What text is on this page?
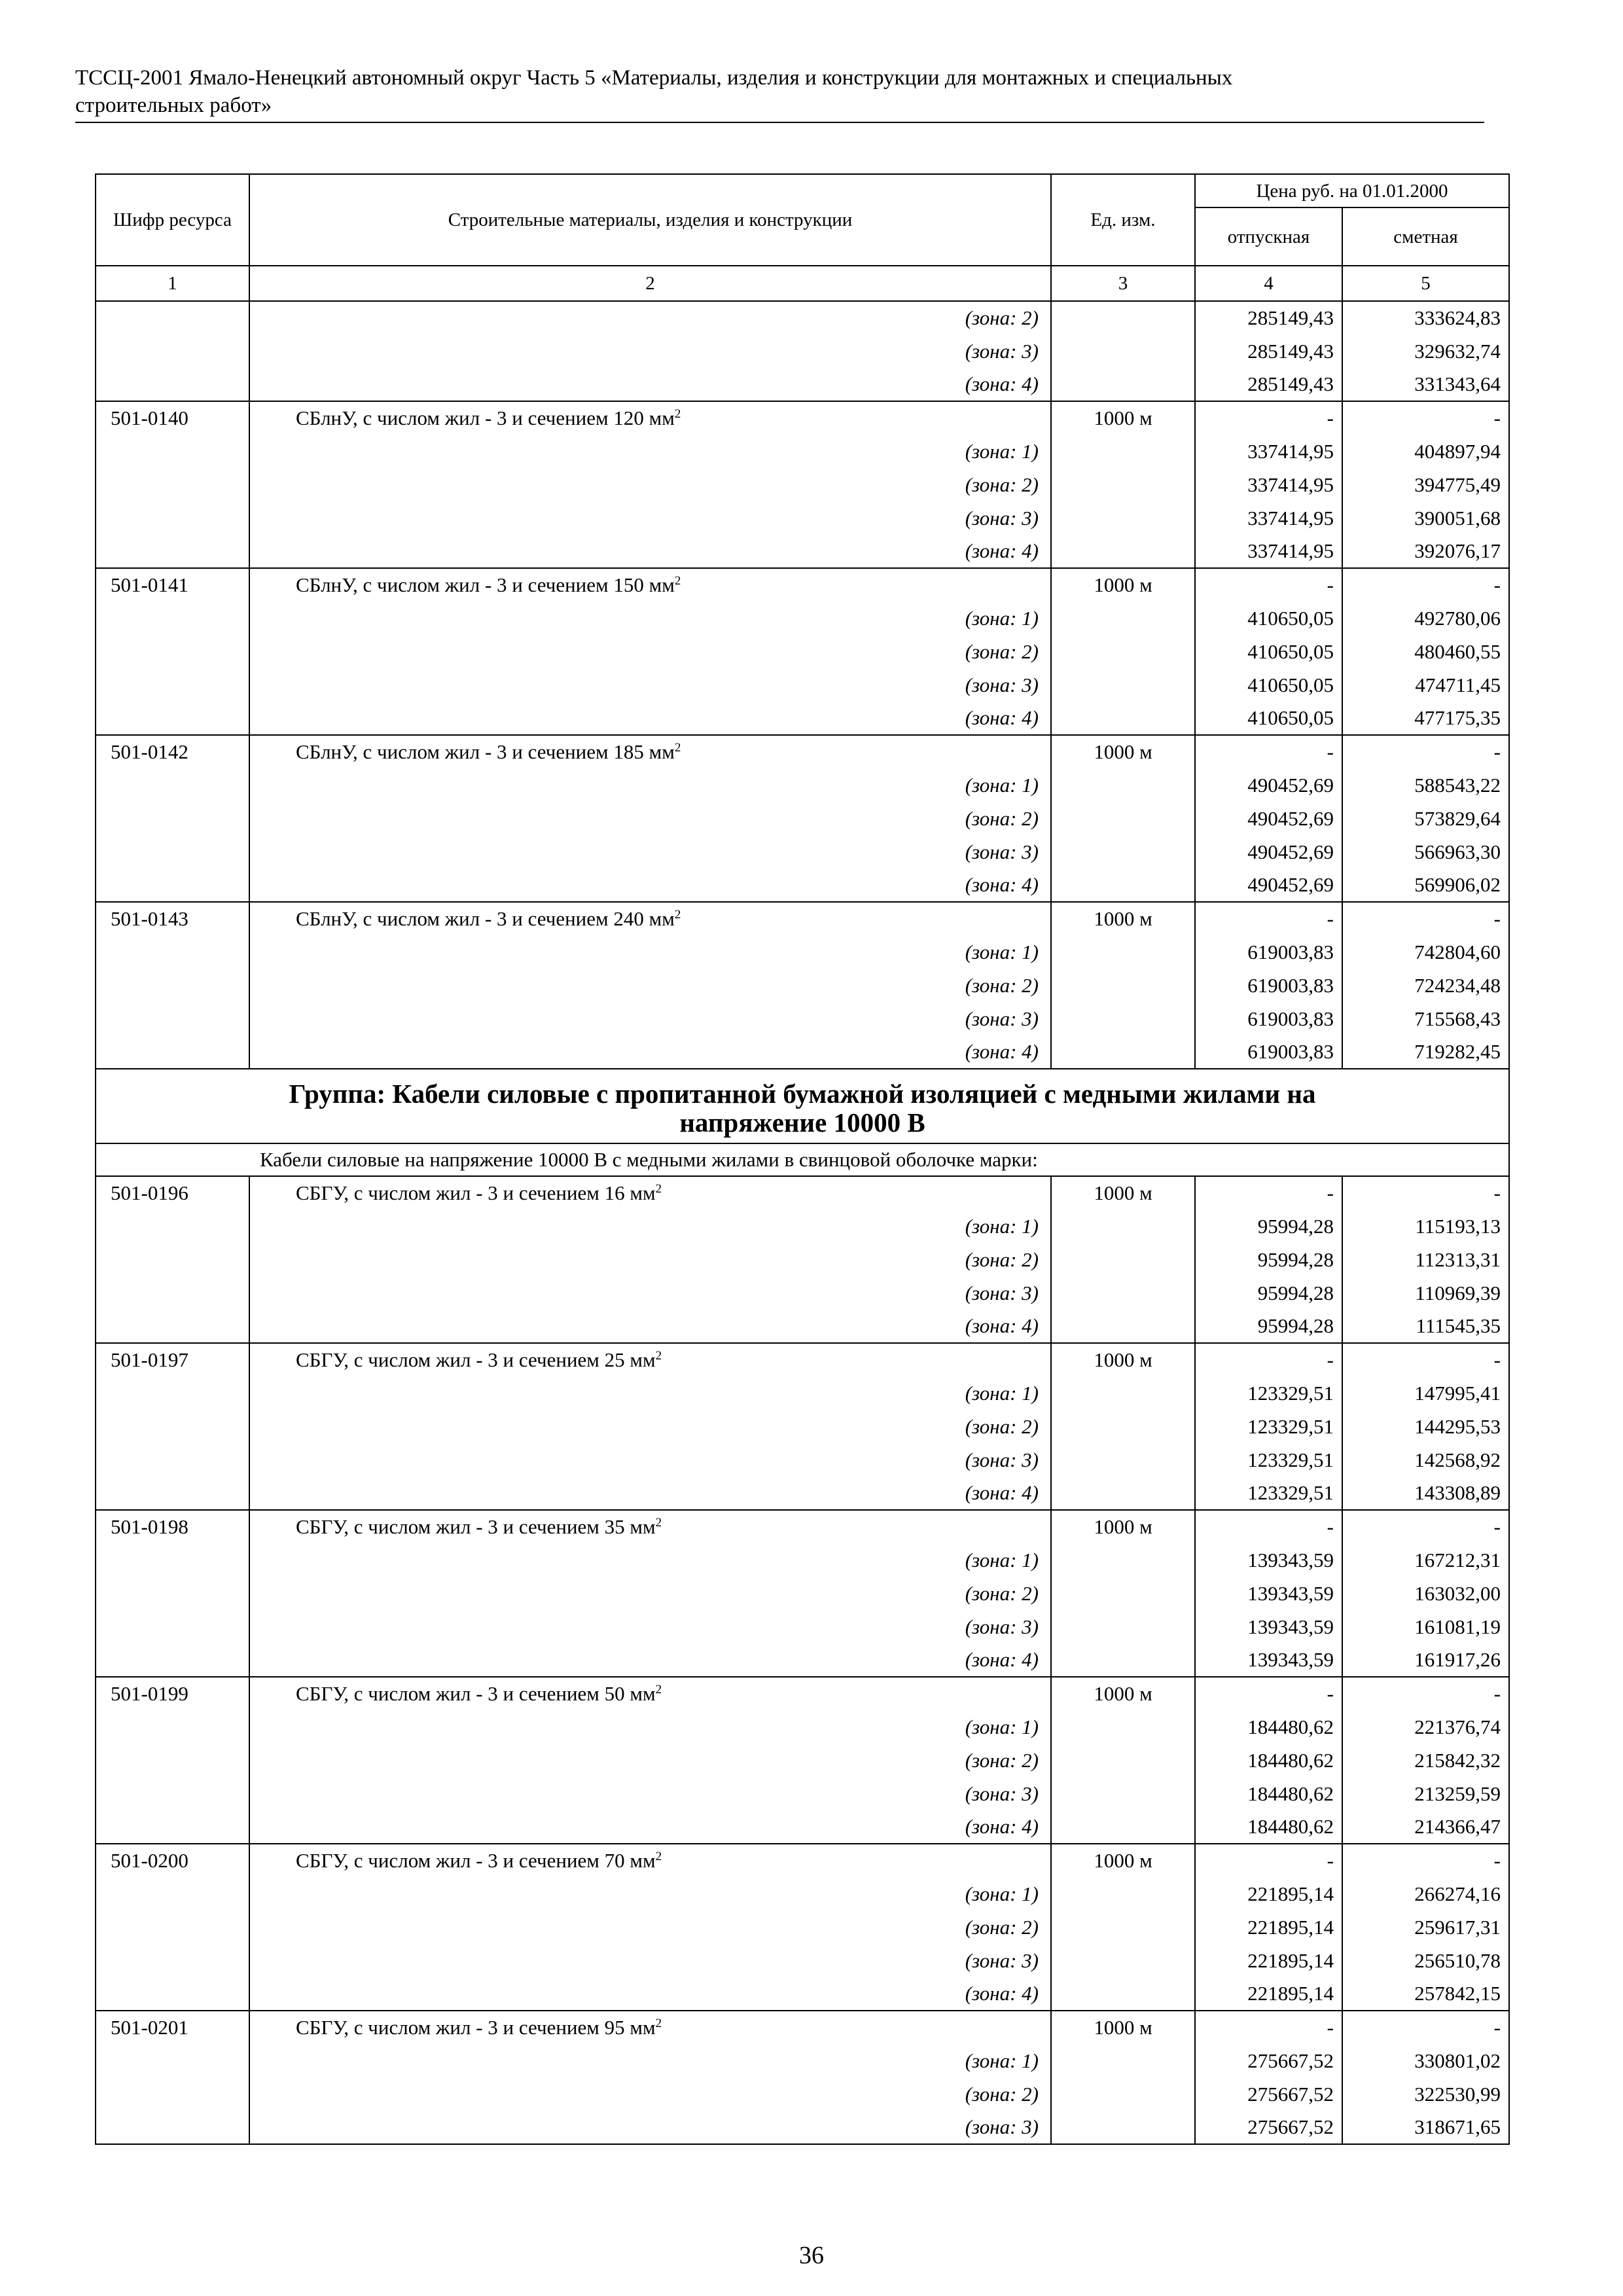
ТССЦ-2001 Ямало-Ненецкий автономный округ Часть 5 «Материалы, изделия и конструкции для монтажных и специальных
строительных работ»
Шифр ресурса	Строительные материалы, изделия и конструкции	Ед. изм.	Цена руб. на 01.01.2000	
			отпускная	сметная
1	2	3	4	5
	(зона: 2)		285149,43	333624,83
	(зона: 3)		285149,43	329632,74
	(зона: 4)		285149,43	331343,64
501-0140	СБлнУ, с числом жил - 3 и сечением 120 $мм^2$	1000 м	-	-
	(зона: 1)		337414,95	404897,94
	(зона: 2)		337414,95	394775,49
	(зона: 3)		337414,95	390051,68
	(зона: 4)		337414,95	392076,17
501-0141	СБлнУ, с числом жил - 3 и сечением 150 $мм^2$	1000 м	-	-
	(зона: 1)		410650,05	492780,06
	(зона: 2)		410650,05	480460,55
	(зона: 3)		410650,05	474711,45
	(зона: 4)		410650,05	477175,35
501-0142	СБлнУ, с числом жил - 3 и сечением 185 $мм^2$	1000 м	-	-
	(зона: 1)		490452,69	588543,22
	(зона: 2)		490452,69	573829,64
	(зона: 3)		490452,69	566963,30
	(зона: 4)		490452,69	569906,02
501-0143	СБлнУ, с числом жил - 3 и сечением 240 $мм^2$	1000 м	-	-
	(зона: 1)		619003,83	742804,60
	(зона: 2)		619003,83	724234,48
	(зона: 3)		619003,83	715568,43
	(зона: 4)		619003,83	719282,45

Группа: Кабели силовые с пропитанной бумажной изоляцией с медными жилами на
напряжение 10000 В				

Кабели силовые на напряжение 10000 В с медными жилами в свинцовой оболочке марки:				
501-0196	СБГУ, с числом жил - 3 и сечением 16 $мм^2$	1000 м	-	-
	(зона: 1)		95994,28	115193,13
	(зона: 2)		95994,28	112313,31
	(зона: 3)		95994,28	110969,39
	(зона: 4)		95994,28	111545,35
501-0197	СБГУ, с числом жил - 3 и сечением 25 $мм^2$	1000 м	-	-
	(зона: 1)		123329,51	147995,41
	(зона: 2)		123329,51	144295,53
	(зона: 3)		123329,51	142568,92
	(зона: 4)		123329,51	143308,89
501-0198	СБГУ, с числом жил - 3 и сечением 35 $мм^2$	1000 м	-	-
	(зона: 1)		139343,59	167212,31
	(зона: 2)		139343,59	163032,00
	(зона: 3)		139343,59	161081,19
	(зона: 4)		139343,59	161917,26
501-0199	СБГУ, с числом жил - 3 и сечением 50 $мм^2$	1000 м	-	-
	(зона: 1)		184480,62	221376,74
	(зона: 2)		184480,62	215842,32
	(зона: 3)		184480,62	213259,59
	(зона: 4)		184480,62	214366,47
501-0200	СБГУ, с числом жил - 3 и сечением 70 $мм^2$	1000 м	-	-
	(зона: 1)		221895,14	266274,16
	(зона: 2)		221895,14	259617,31
	(зона: 3)		221895,14	256510,78
	(зона: 4)		221895,14	257842,15
501-0201	СБГУ, с числом жил - 3 и сечением 95 $мм^2$	1000 м	-	-
	(зона: 1)		275667,52	330801,02
	(зона: 2)		275667,52	322530,99
	(зона: 3)		275667,52	318671,65
36
